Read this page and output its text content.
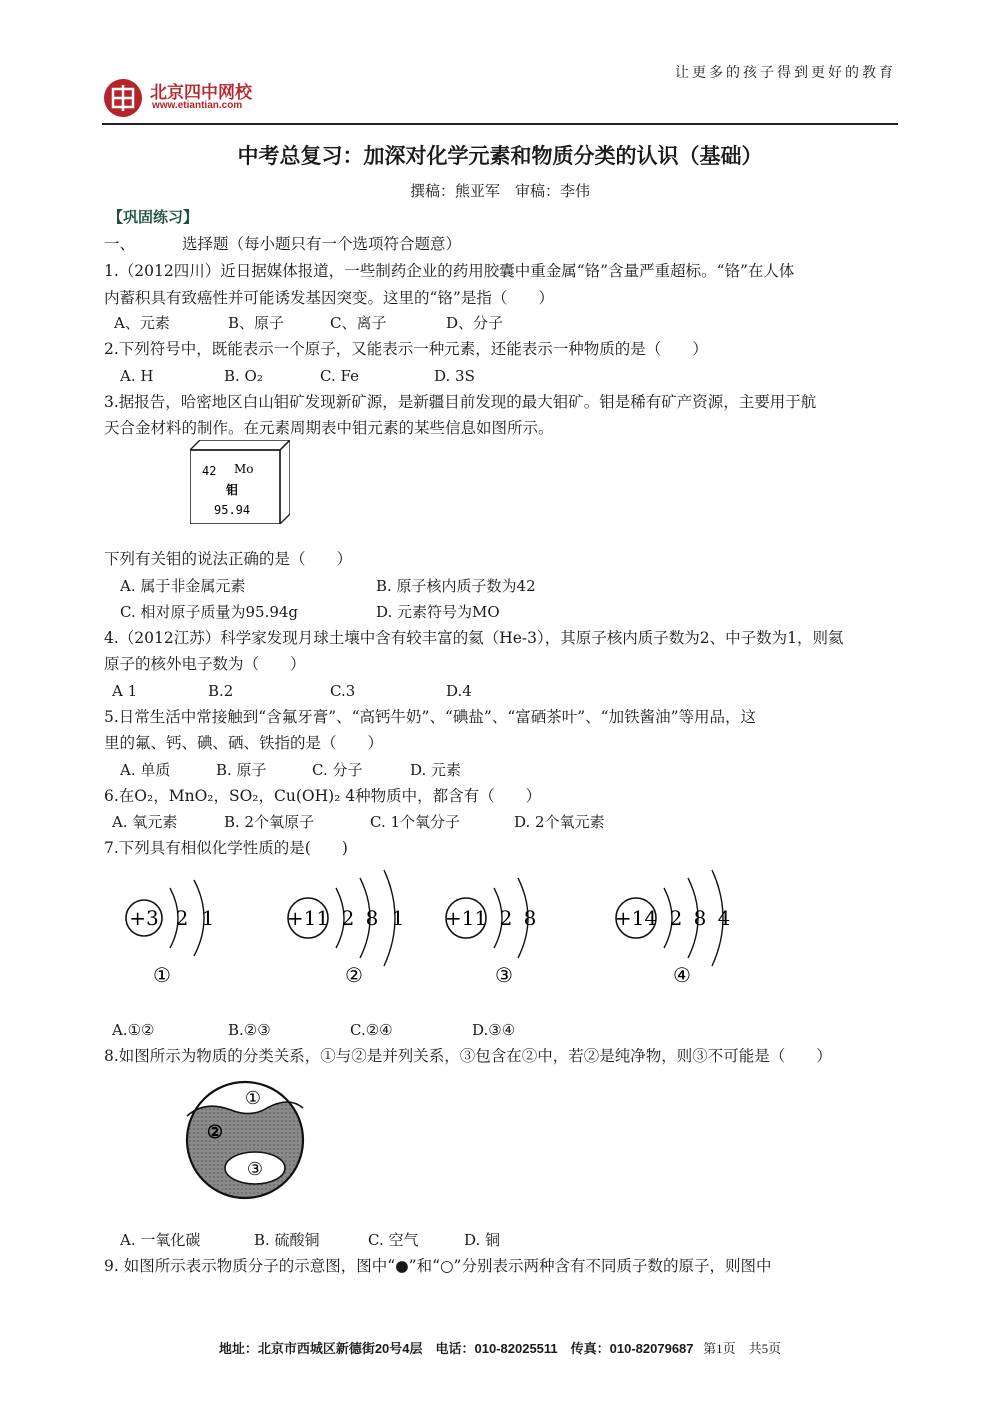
让更多的孩子得到更好的教育
北京四中网校
www.etiantian.com
中考总复习：加深对化学元素和物质分类的认识（基础）
撰稿：熊亚军　审稿：李伟
【巩固练习】
一、	选择题（每小题只有一个选项符合题意）
1.（2012四川）近日据媒体报道，一些制药企业的药用胶囊中重金属“铬”含量严重超标。“铬”在人体
内蓄积具有致癌性并可能诱发基因突变。这里的“铬”是指（　　）
A、元素	B、原子	C、离子	D、分子
2.下列符号中，既能表示一个原子，又能表示一种元素，还能表示一种物质的是（　　）
A. H	B. O₂	C. Fe	D. 3S
3.据报告，哈密地区白山钼矿发现新矿源，是新疆目前发现的最大钼矿。钼是稀有矿产资源，主要用于航
天合金材料的制作。在元素周期表中钼元素的某些信息如图所示。
42 Mo
钼
95.94
下列有关钼的说法正确的是（　　）
A. 属于非金属元素	B. 原子核内质子数为42
C. 相对原子质量为95.94g	D. 元素符号为MO
4.（2012江苏）科学家发现月球土壤中含有较丰富的氦（He-3），其原子核内质子数为2、中子数为1，则氦
原子的核外电子数为（　　）
A 1	B.2	C.3	D.4
5.日常生活中常接触到“含氟牙膏”、“高钙牛奶”、“碘盐”、“富硒茶叶”、“加铁酱油”等用品，这
里的氟、钙、碘、硒、铁指的是（　　）
A. 单质	B. 原子	C. 分子	D. 元素
6.在O₂，MnO₂，SO₂，Cu(OH)₂ 4种物质中，都含有（　　）
A. 氧元素	B. 2个氧原子	C. 1个氧分子	D. 2个氧元素
7.下列具有相似化学性质的是(　　)
+3 2 1
①
+11 2 8 1
②
+11 2 8
③
+14 2 8 4
④
A.①②	B.②③	C.②④	D.③④
8.如图所示为物质的分类关系，①与②是并列关系，③包含在②中，若②是纯净物，则③不可能是（　　）
①
②
③
A. 一氧化碳	B. 硫酸铜	C. 空气	D. 铜
9. 如图所示表示物质分子的示意图，图中“●”和“○”分别表示两种含有不同质子数的原子，则图中
地址：北京市西城区新德街20号4层　电话：010-82025511　传真：010-82079687 第1页　共5页
